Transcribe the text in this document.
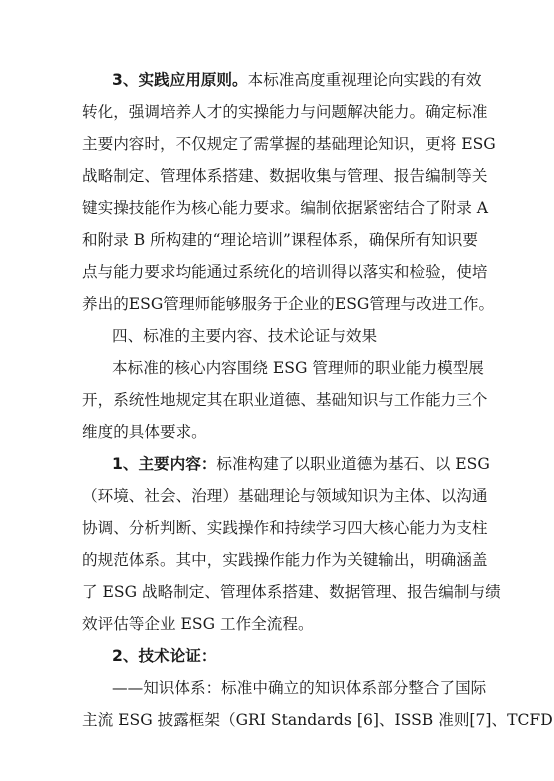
3、实践应用原则。本标准高度重视理论向实践的有效
转化，强调培养人才的实操能力与问题解决能力。确定标准
主要内容时，不仅规定了需掌握的基础理论知识，更将 ESG
战略制定、管理体系搭建、数据收集与管理、报告编制等关
键实操技能作为核心能力要求。编制依据紧密结合了附录 A
和附录 B 所构建的“理论培训”课程体系，确保所有知识要
点与能力要求均能通过系统化的培训得以落实和检验，使培
养出的ESG管理师能够服务于企业的ESG管理与改进工作。
四、标准的主要内容、技术论证与效果
本标准的核心内容围绕 ESG 管理师的职业能力模型展
开，系统性地规定其在职业道德、基础知识与工作能力三个
维度的具体要求。
1、主要内容：标准构建了以职业道德为基石、以 ESG
（环境、社会、治理）基础理论与领域知识为主体、以沟通
协调、分析判断、实践操作和持续学习四大核心能力为支柱
的规范体系。其中，实践操作能力作为关键输出，明确涵盖
了 ESG 战略制定、管理体系搭建、数据管理、报告编制与绩
效评估等企业 ESG 工作全流程。
2、技术论证：
——知识体系：标准中确立的知识体系部分整合了国际
主流 ESG 披露框架（GRI Standards [6]、ISSB 准则[7]、TCFD
